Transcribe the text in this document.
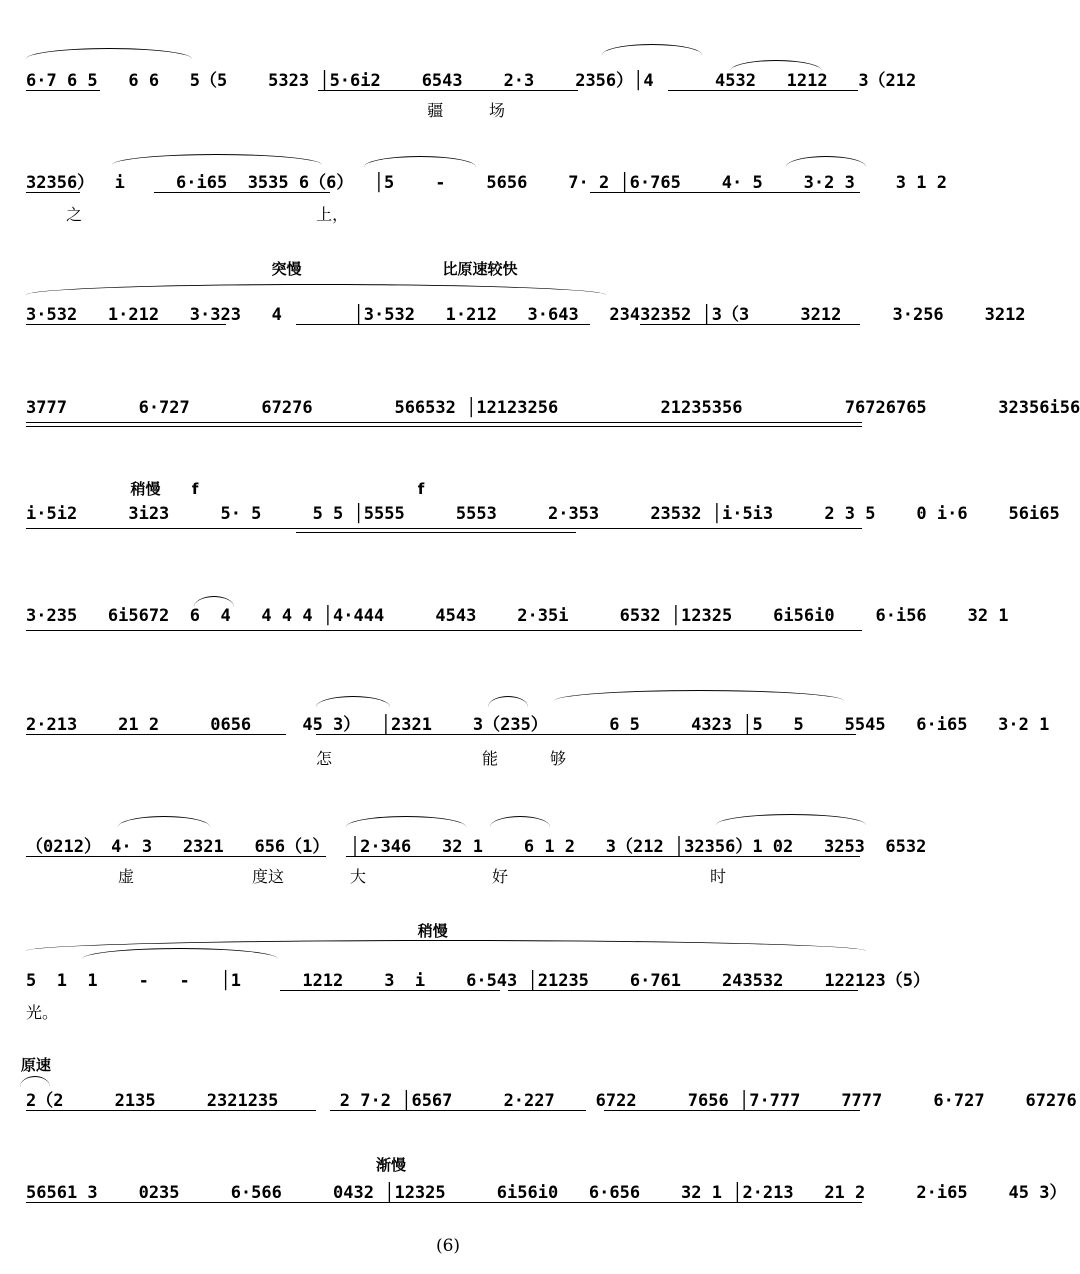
6·7 6 5   6 6   5（5    5323 │5·6i2    6543    2·3    2356）│4      4532   1212   3（212
疆         场
32356）  i     6·i65  3535 6（6）  │5    -    5656    7· 2 │6·765    4· 5    3·2 3    3 1 2
之                                              上，
突慢                           比原速较快
3·532   1·212   3·323   4       │3·532   1·212   3·643   23432352 │3（3     3212     3·256    3212
3777       6·727       67276        566532 │12123256          21235356          76726765       32356i56
稍慢      f                                          f
i·5i2     3i23     5· 5     5 5 │5555     5553     2·353     23532 │i·5i3     2 3 5    0 i·6    56i65
3·235   6i5672  6  4   4 4 4 │4·444     4543    2·35i     6532 │12325    6i56i0    6·i56    32 1
2·213    21 2     0656     45 3）  │2321    3（235）      6 5     4323 │5   5    5545   6·i65   3·2 1
怎	能	够
（0212） 4· 3   2321   656（1）  │2·346   32 1    6 1 2   3（212 │32356）1 02   3253  6532
虚	度这	大	好	时
稍慢
5  1  1    -   -   │1      1212    3  i    6·543 │21235    6·761    243532    122123（5）
光。
原速
2（2     2135     2321235      2 7·2 │6567     2·227    6722     7656 │7·777    7777     6·727    67276
渐慢
56561 3    0235     6·566     0432 │12325     6i56i0   6·656    32 1 │2·213   21 2     2·i65    45 3）
(6)
